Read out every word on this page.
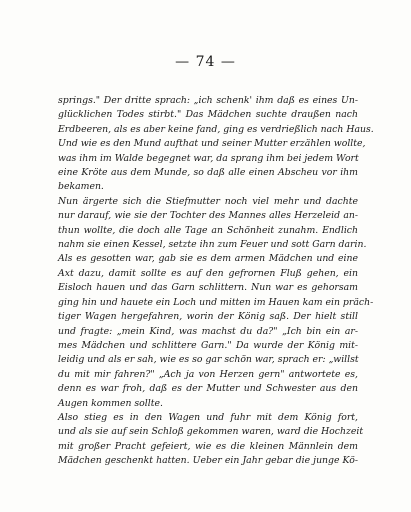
— 74 —
springs." Der dritte sprach: „ich schenk' ihm daß es eines Un-
glücklichen Todes stirbt." Das Mädchen suchte draußen nach
Erdbeeren, als es aber keine fand, ging es verdrießlich nach Haus.
Und wie es den Mund aufthat und seiner Mutter erzählen wollte,
was ihm im Walde begegnet war, da sprang ihm bei jedem Wort
eine Kröte aus dem Munde, so daß alle einen Abscheu vor ihm
bekamen.
Nun ärgerte sich die Stiefmutter noch viel mehr und dachte
nur darauf, wie sie der Tochter des Mannes alles Herzeleid an-
thun wollte, die doch alle Tage an Schönheit zunahm. Endlich
nahm sie einen Kessel, setzte ihn zum Feuer und sott Garn darin.
Als es gesotten war, gab sie es dem armen Mädchen und eine
Axt dazu, damit sollte es auf den gefrornen Fluß gehen, ein
Eisloch hauen und das Garn schlittern. Nun war es gehorsam
ging hin und hauete ein Loch und mitten im Hauen kam ein präch-
tiger Wagen hergefahren, worin der König saß. Der hielt still
und fragte: „mein Kind, was machst du da?" „Ich bin ein ar-
mes Mädchen und schlittere Garn." Da wurde der König mit-
leidig und als er sah, wie es so gar schön war, sprach er: „willst
du mit mir fahren?" „Ach ja von Herzen gern" antwortete es,
denn es war froh, daß es der Mutter und Schwester aus den
Augen kommen sollte.
Also stieg es in den Wagen und fuhr mit dem König fort,
und als sie auf sein Schloß gekommen waren, ward die Hochzeit
mit großer Pracht gefeiert, wie es die kleinen Männlein dem
Mädchen geschenkt hatten. Ueber ein Jahr gebar die junge Kö-
